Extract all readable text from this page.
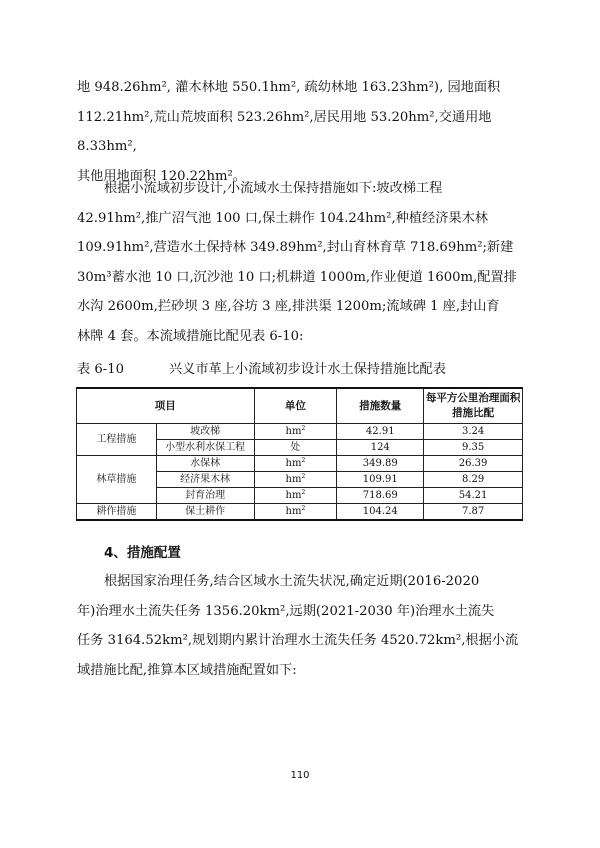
地 948.26hm², 灌木林地 550.1hm², 疏幼林地 163.23hm²), 园地面积
112.21hm²,荒山荒坡面积 523.26hm²,居民用地 53.20hm²,交通用地 8.33hm²,
其他用地面积 120.22hm²。

根据小流域初步设计,小流域水土保持措施如下:坡改梯工程
42.91hm²,推广沼气池 100 口,保土耕作 104.24hm²,种植经济果木林
109.91hm²,营造水土保持林 349.89hm²,封山育林育草 718.69hm²;新建
30m³蓄水池 10 口,沉沙池 10 口;机耕道 1000m,作业便道 1600m,配置排
水沟 2600m,拦砂坝 3 座,谷坊 3 座,排洪渠 1200m;流域碑 1 座,封山育
林牌 4 套。本流域措施比配见表 6-10:

表 6-10	兴义市革上小流域初步设计水土保持措施比配表
项目		单位	措施数量	每平方公里治理面积措施比配
工程措施	坡改梯	$hm^2$	42.91	3.24
	小型水利水保工程	处	124	9.35
林草措施	水保林	$hm^2$	349.89	26.39
	经济果木林	$hm^2$	109.91	8.29
	封育治理	$hm^2$	718.69	54.21
耕作措施	保土耕作	$hm^2$	104.24	7.87
4、措施配置

根据国家治理任务,结合区域水土流失状况,确定近期(2016-2020
年)治理水土流失任务 1356.20km²,远期(2021-2030 年)治理水土流失
任务 3164.52km²,规划期内累计治理水土流失任务 4520.72km²,根据小流
域措施比配,推算本区域措施配置如下:

110
